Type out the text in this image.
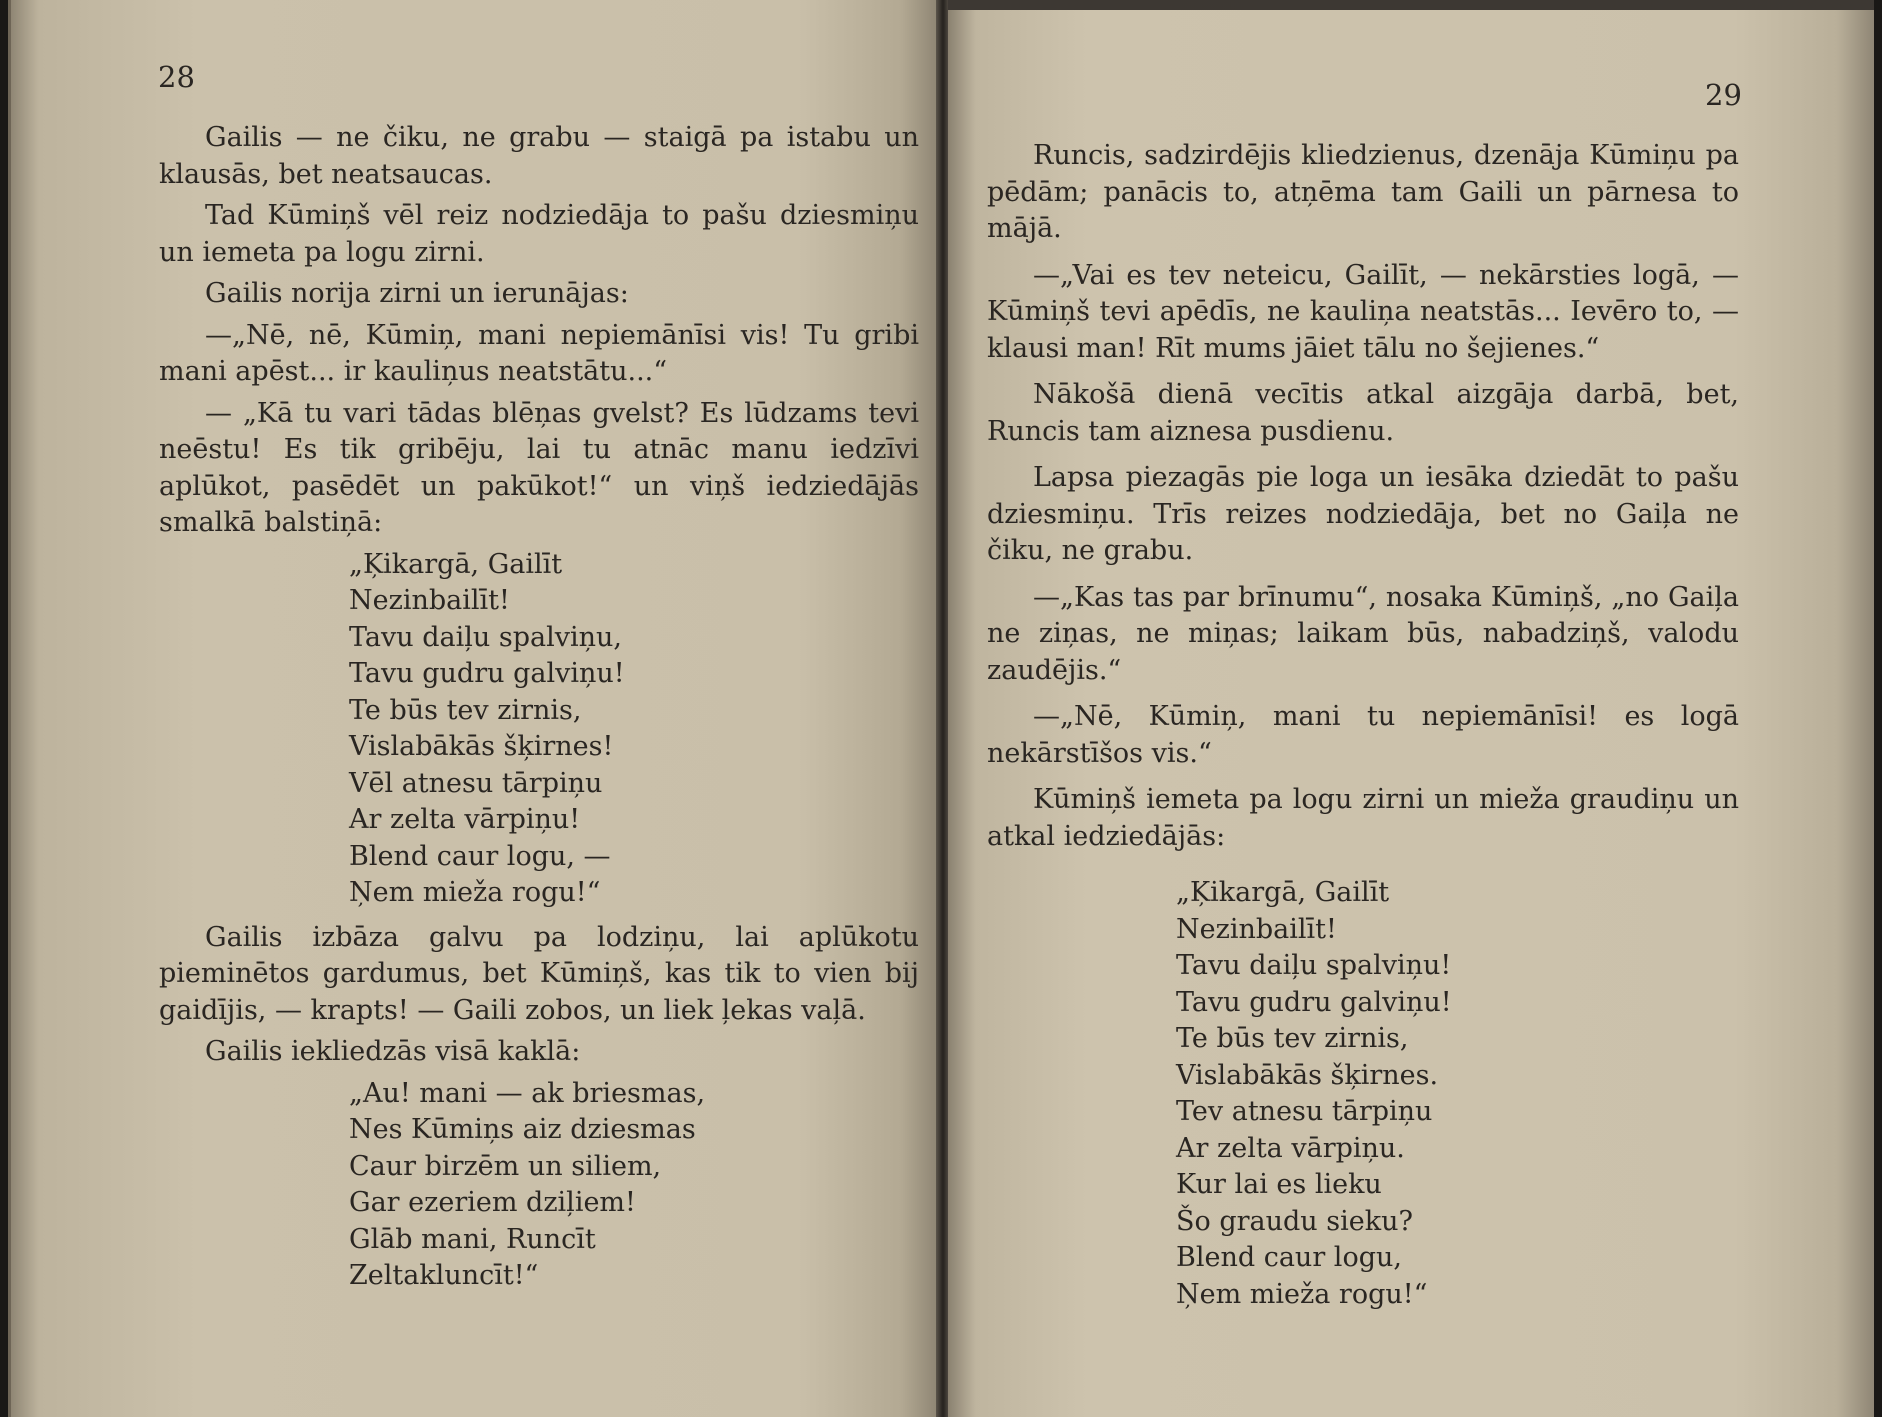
28

Gailis — ne čiku, ne grabu — staigā pa istabu un klausās, bet neatsaucas.

Tad Kūmiņš vēl reiz nodziedāja to pašu dziesmiņu un iemeta pa logu zirni.

Gailis norija zirni un ierunājas:

—„Nē, nē, Kūmiņ, mani nepiemānīsi vis! Tu gribi mani apēst... ir kauliņus neatstātu...“

— „Kā tu vari tādas blēņas gvelst? Es lūdzams tevi neēstu! Es tik gribēju, lai tu atnāc manu iedzīvi aplūkot, pasēdēt un pakūkot!“ un viņš iedziedājās smalkā balstiņā:

„Ķikargā, Gailīt
Nezinbailīt!
Tavu daiļu spalviņu,
Tavu gudru galviņu!
Te būs tev zirnis,
Vislabākās šķirnes!
Vēl atnesu tārpiņu
Ar zelta vārpiņu!
Blend caur logu, —
Ņem mieža rogu!“

Gailis izbāza galvu pa lodziņu, lai aplūkotu pieminētos gardumus, bet Kūmiņš, kas tik to vien bij gaidījis, — krapts! — Gaili zobos, un liek ļekas vaļā.

Gailis iekliedzās visā kaklā:

„Au! mani — ak briesmas,
Nes Kūmiņs aiz dziesmas
Caur birzēm un siliem,
Gar ezeriem dziļiem!
Glāb mani, Runcīt
Zeltakluncīt!“
29

Runcis, sadzirdējis kliedzienus, dzenāja Kūmiņu pa pēdām; panācis to, atņēma tam Gaili un pārnesa to mājā.

—„Vai es tev neteicu, Gailīt, — nekārsties logā, — Kūmiņš tevi apēdīs, ne kauliņa neatstās... Ievēro to, — klausi man! Rīt mums jāiet tālu no šejienes.“

Nākošā dienā vecītis atkal aizgāja darbā, bet, Runcis tam aiznesa pusdienu.

Lapsa piezagās pie loga un iesāka dziedāt to pašu dziesmiņu. Trīs reizes nodziedāja, bet no Gaiļa ne čiku, ne grabu.

—„Kas tas par brīnumu“, nosaka Kūmiņš, „no Gaiļa ne ziņas, ne miņas; laikam būs, nabadziņš, valodu zaudējis.“

—„Nē, Kūmiņ, mani tu nepiemānīsi! es logā nekārstīšos vis.“

Kūmiņš iemeta pa logu zirni un mieža graudiņu un atkal iedziedājās:

„Ķikargā, Gailīt
Nezinbailīt!
Tavu daiļu spalviņu!
Tavu gudru galviņu!
Te būs tev zirnis,
Vislabākās šķirnes.
Tev atnesu tārpiņu
Ar zelta vārpiņu.
Kur lai es lieku
Šo graudu sieku?
Blend caur logu,
Ņem mieža rogu!“
